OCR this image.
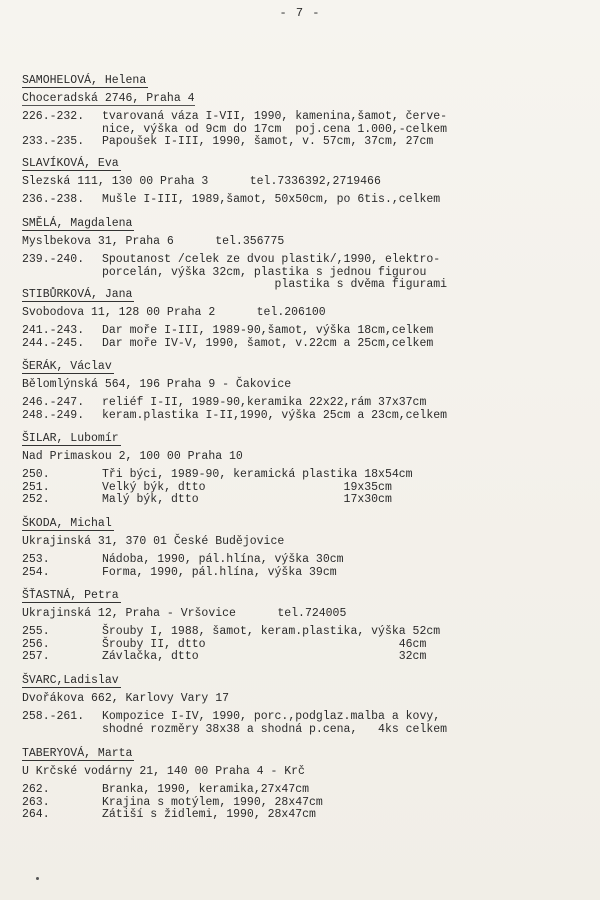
- 7 -
SAMOHELOVÁ, Helena
Choceradská 2746, Praha 4
226.-232.	tvarovaná váza I-VII, 1990, kamenina,šamot, červe-
nice, výška od 9cm do 17cm  poj.cena 1.000,-celkem
233.-235.	Papoušek I-III, 1990, šamot, v. 57cm, 37cm, 27cm
SLAVÍKOVÁ, Eva
Slezská 111, 130 00 Praha 3      tel.7336392,2719466
236.-238.	Mušle I-III, 1989,šamot, 50x50cm, po 6tis.,celkem
SMĚLÁ, Magdalena
Myslbekova 31, Praha 6      tel.356775
239.-240.	Spoutanost /celek ze dvou plastik/,1990, elektro-
porcelán, výška 32cm, plastika s jednou figurou
plastika s dvěma figurami
STIBŮRKOVÁ, Jana
Svobodova 11, 128 00 Praha 2      tel.206100
241.-243.	Dar moře I-III, 1989-90,šamot, výška 18cm,celkem
244.-245.	Dar moře IV-V, 1990, šamot, v.22cm a 25cm,celkem
ŠERÁK, Václav
Bělomlýnská 564, 196 Praha 9 - Čakovice
246.-247.	reliéf I-II, 1989-90,keramika 22x22,rám 37x37cm
248.-249.	keram.plastika I-II,1990, výška 25cm a 23cm,celkem
ŠILAR, Lubomír
Nad Primaskou 2, 100 00 Praha 10
250.	Tři býci, 1989-90, keramická plastika 18x54cm
251.	Velký býk, dtto                    19x35cm
252.	Malý býk, dtto                     17x30cm
ŠKODA, Michal
Ukrajinská 31, 370 01 České Budějovice
253.	Nádoba, 1990, pál.hlína, výška 30cm
254.	Forma, 1990, pál.hlína, výška 39cm
ŠŤASTNÁ, Petra
Ukrajinská 12, Praha - Vršovice      tel.724005
255.	Šrouby I, 1988, šamot, keram.plastika, výška 52cm
256.	Šrouby II, dtto                            46cm
257.	Závlačka, dtto                             32cm
ŠVARC,Ladislav
Dvořákova 662, Karlovy Vary 17
258.-261.	Kompozice I-IV, 1990, porc.,podglaz.malba a kovy,
shodné rozměry 38x38 a shodná p.cena,   4ks celkem
TABERYOVÁ, Marta
U Krčské vodárny 21, 140 00 Praha 4 - Krč
262.	Branka, 1990, keramika,27x47cm
263.	Krajina s motýlem, 1990, 28x47cm
264.	Zátiší s židlemi, 1990, 28x47cm
